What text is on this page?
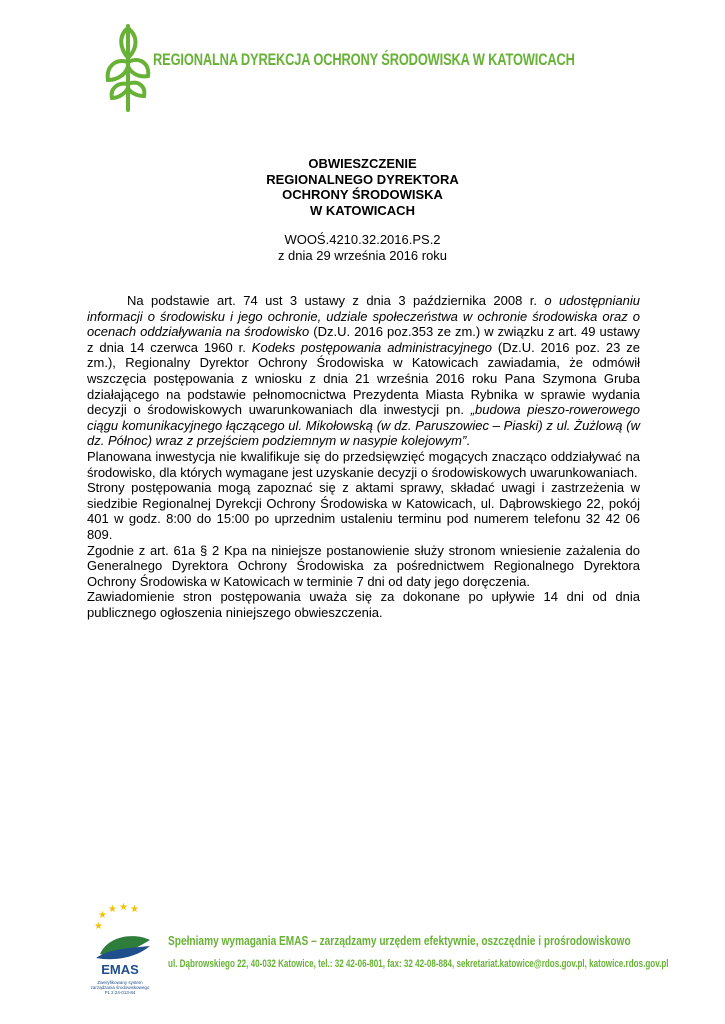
REGIONALNA DYREKCJA OCHRONY ŚRODOWISKA W KATOWICACH
OBWIESZCZENIE
REGIONALNEGO DYREKTORA
OCHRONY ŚRODOWISKA
W KATOWICACH
WOOŚ.4210.32.2016.PS.2
z dnia 29 września 2016 roku

Na podstawie art. 74 ust 3 ustawy z dnia 3 października 2008 r. o udostępnianiu informacji o środowisku i jego ochronie, udziale społeczeństwa w ochronie środowiska oraz o ocenach oddziaływania na środowisko (Dz.U. 2016 poz.353 ze zm.) w związku z art. 49 ustawy z dnia 14 czerwca 1960 r. Kodeks postępowania administracyjnego (Dz.U. 2016 poz. 23 ze zm.), Regionalny Dyrektor Ochrony Środowiska w Katowicach zawiadamia, że odmówił wszczęcia postępowania z wniosku z dnia 21 września 2016 roku Pana Szymona Gruba działającego na podstawie pełnomocnictwa Prezydenta Miasta Rybnika w sprawie wydania decyzji o środowiskowych uwarunkowaniach dla inwestycji pn. „budowa pieszo-rowerowego ciągu komunikacyjnego łączącego ul. Mikołowską (w dz. Paruszowiec – Piaski) z ul. Żużlową (w dz. Północ) wraz z przejściem podziemnym w nasypie kolejowym”.

Planowana inwestycja nie kwalifikuje się do przedsięwzięć mogących znacząco oddziaływać na środowisko, dla których wymagane jest uzyskanie decyzji o środowiskowych uwarunkowaniach.

Strony postępowania mogą zapoznać się z aktami sprawy, składać uwagi i zastrzeżenia w siedzibie Regionalnej Dyrekcji Ochrony Środowiska w Katowicach, ul. Dąbrowskiego 22, pokój 401 w godz. 8:00 do 15:00 po uprzednim ustaleniu terminu pod numerem telefonu 32 42 06 809.

Zgodnie z art. 61a § 2 Kpa na niniejsze postanowienie służy stronom wniesienie zażalenia do Generalnego Dyrektora Ochrony Środowiska za pośrednictwem Regionalnego Dyrektora Ochrony Środowiska w Katowicach w terminie 7 dni od daty jego doręczenia.

Zawiadomienie stron postępowania uważa się za dokonane po upływie 14 dni od dnia publicznego ogłoszenia niniejszego obwieszczenia.

★
★ ★ ★
★
EMAS
Zweryfikowany system zarządzania środowiskowego PL 2.24-013-84
Spełniamy wymagania EMAS – zarządzamy urzędem efektywnie, oszczędnie i prośrodowiskowo
ul. Dąbrowskiego 22, 40-032 Katowice, tel.: 32 42-06-801, fax: 32 42-08-884, sekretariat.katowice@rdos.gov.pl, katowice.rdos.gov.pl
